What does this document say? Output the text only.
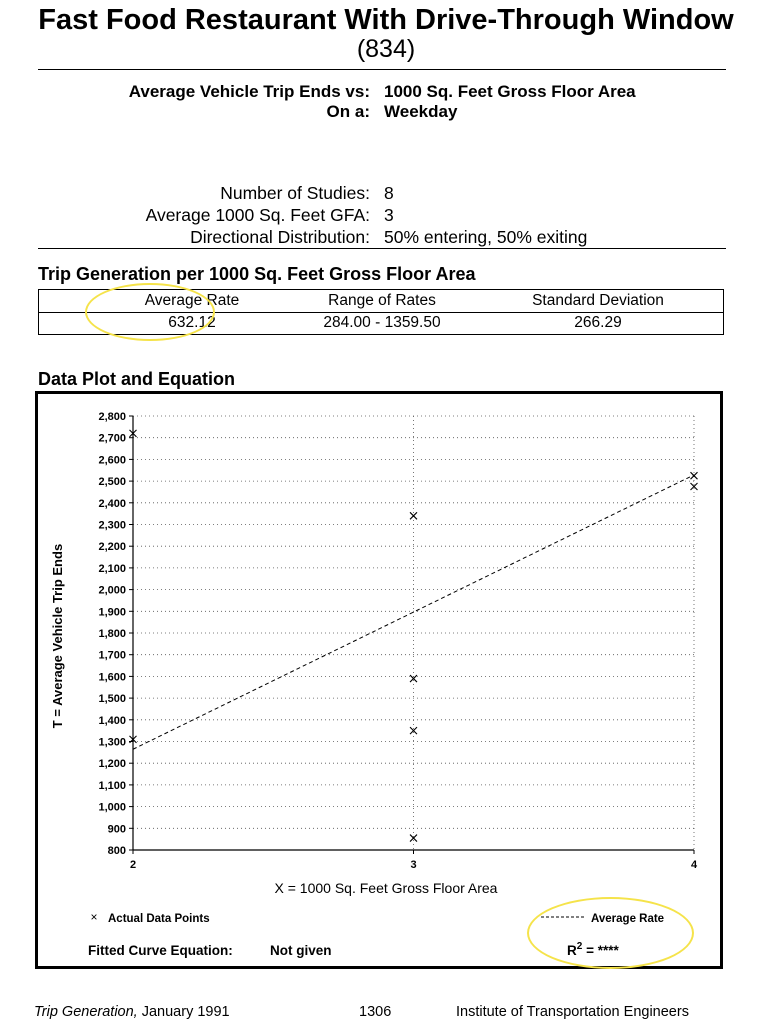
Fast Food Restaurant With Drive-Through Window
(834)
Average Vehicle Trip Ends vs: 1000 Sq. Feet Gross Floor Area
On a: Weekday
Number of Studies: 8
Average 1000 Sq. Feet GFA: 3
Directional Distribution: 50% entering, 50% exiting
Trip Generation per 1000 Sq. Feet Gross Floor Area
Average Rate	Range of Rates	Standard Deviation
632.12	284.00 - 1359.50	266.29
Data Plot and Equation
800
900
1,000
1,100
1,200
1,300
1,400
1,500
1,600
1,700
1,800
1,900
2,000
2,100
2,200
2,300
2,400
2,500
2,600
2,700
2,800
2	3	4
T = Average Vehicle Trip Ends
X = 1000 Sq. Feet Gross Floor Area
× Actual Data Points	Average Rate
Fitted Curve Equation:	Not given	$R^2$ = ****
Trip Generation, January 1991	1306	Institute of Transportation Engineers
